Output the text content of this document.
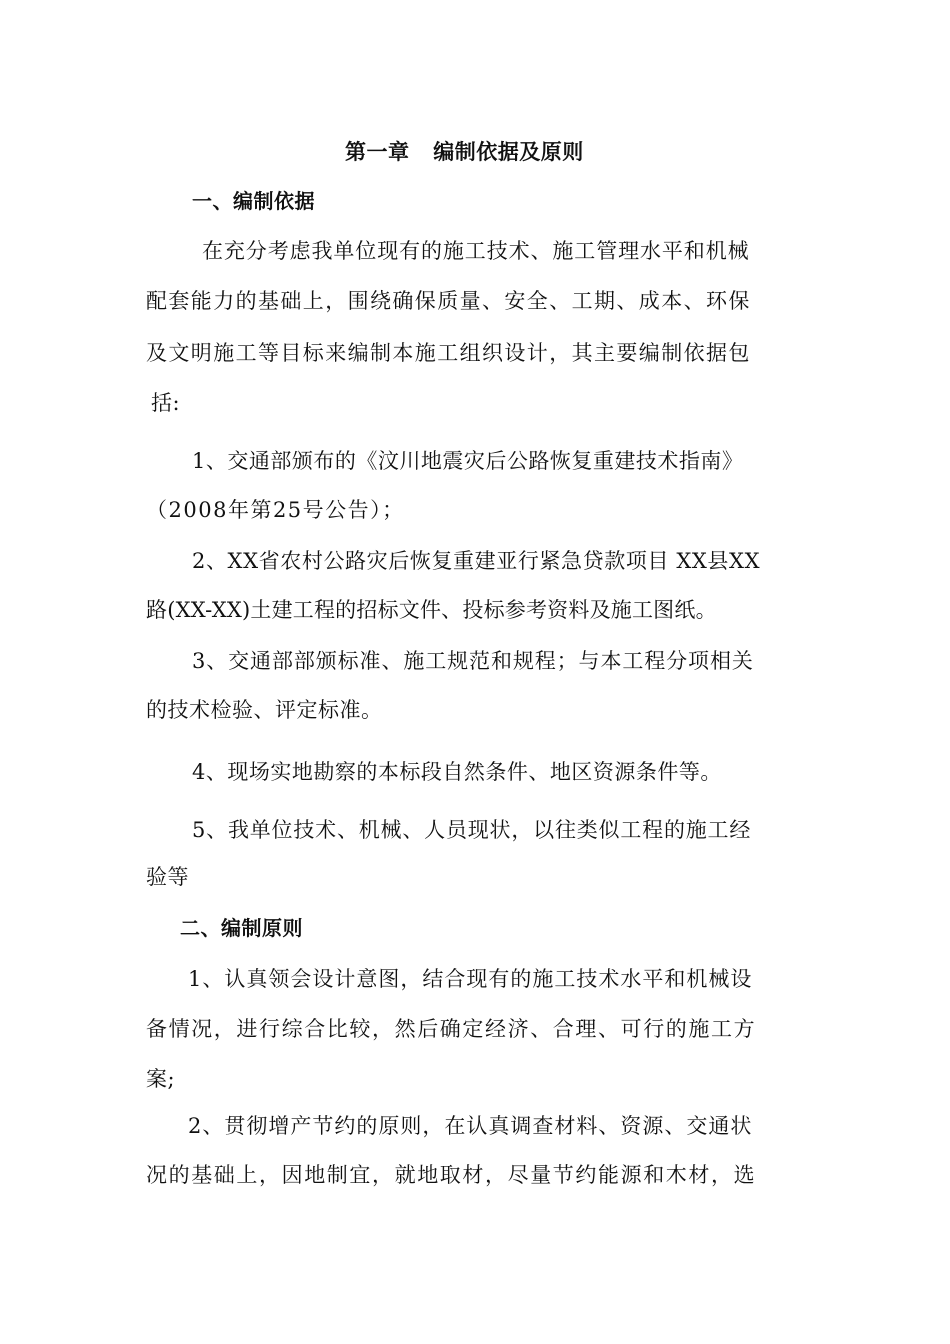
第一章 编制依据及原则
一、编制依据
在充分考虑我单位现有的施工技术、施工管理水平和机械
配套能力的基础上，围绕确保质量、安全、工期、成本、环保
及文明施工等目标来编制本施工组织设计，其主要编制依据包
括:
1、交通部颁布的《汶川地震灾后公路恢复重建技术指南》
（2008年第25号公告）；
2、XX省农村公路灾后恢复重建亚行紧急贷款项目 XX县XX
路(XX-XX)土建工程的招标文件、投标参考资料及施工图纸。
3、交通部部颁标准、施工规范和规程；与本工程分项相关
的技术检验、评定标准。
4、现场实地勘察的本标段自然条件、地区资源条件等。
5、我单位技术、机械、人员现状，以往类似工程的施工经
验等
二、编制原则
1、认真领会设计意图，结合现有的施工技术水平和机械设
备情况，进行综合比较，然后确定经济、合理、可行的施工方
案;
2、贯彻增产节约的原则，在认真调查材料、资源、交通状
况的基础上，因地制宜，就地取材，尽量节约能源和木材，选
